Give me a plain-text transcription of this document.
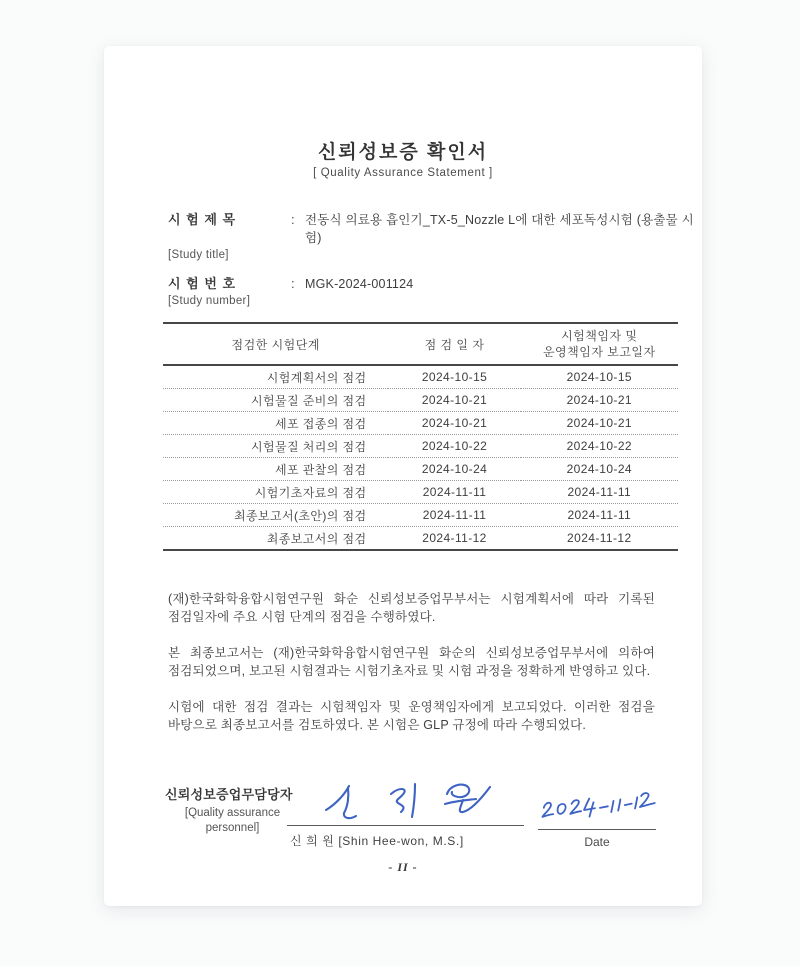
신뢰성보증 확인서
[ Quality Assurance Statement ]
시 험 제 목	: 전동식 의료용 흡인기_TX-5_Nozzle L에 대한 세포독성시험 (용출물 시험)
[Study title]
시 험 번 호	: MGK-2024-001124
[Study number]
점검한 시험단계	점 검 일 자	시험책임자 및
운영책임자 보고일자

시험계획서의 점검	2024-10-15	2024-10-15
시험물질 준비의 점검	2024-10-21	2024-10-21
세포 접종의 점검	2024-10-21	2024-10-21
시험물질 처리의 점검	2024-10-22	2024-10-22
세포 관찰의 점검	2024-10-24	2024-10-24
시험기초자료의 점검	2024-11-11	2024-11-11
최종보고서(초안)의 점검	2024-11-11	2024-11-11
최종보고서의 점검	2024-11-12	2024-11-12

(재)한국화학융합시험연구원 화순 신뢰성보증업무부서는 시험계획서에 따라 기록된 점검일자에 주요 시험 단계의 점검을 수행하였다.

본 최종보고서는 (재)한국화학융합시험연구원 화순의 신뢰성보증업무부서에 의하여 점검되었으며, 보고된 시험결과는 시험기초자료 및 시험 과정을 정확하게 반영하고 있다.

시험에 대한 점검 결과는 시험책임자 및 운영책임자에게 보고되었다. 이러한 점검을 바탕으로 최종보고서를 검토하였다. 본 시험은 GLP 규정에 따라 수행되었다.

신뢰성보증업무담당자
[Quality assurance
personnel]
신 희 원 [Shin Hee-won, M.S.]	Date
- II -
